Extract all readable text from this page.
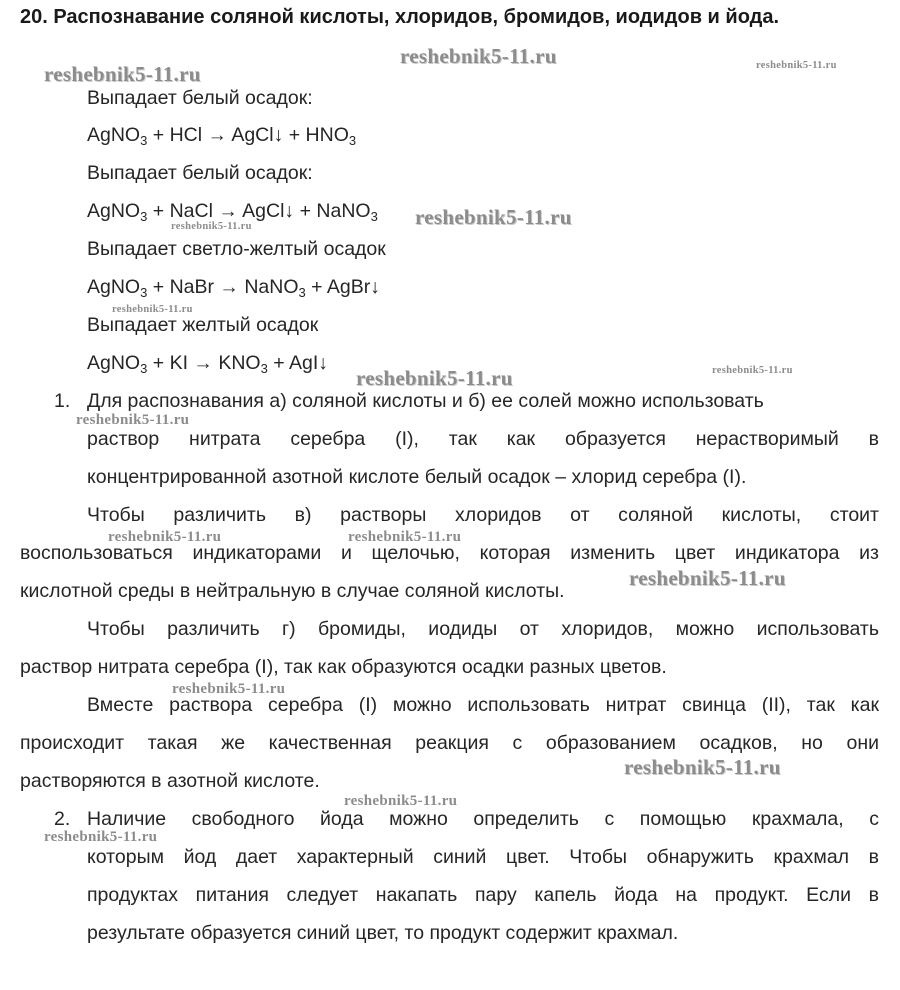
20. Распознавание соляной кислоты, хлоридов, бромидов, иодидов и йода.
Выпадает белый осадок:
AgNO$_3$ + HCl → AgCl↓ + $HNO_3$
Выпадает белый осадок:
AgNO$_3$ + NaCl → AgCl↓ + NaNO$_3$
Выпадает светло-желтый осадок
AgNO$_3$ + NaBr → NaNO$_3$ + AgBr↓
Выпадает желтый осадок
AgNO$_3$ + KI → $KNO_3$ + AgI↓
1. Для распознавания а) соляной кислоты и б) ее солей можно использовать
раствор нитрата серебра (I), так как образуется нерастворимый в
концентрированной азотной кислоте белый осадок – хлорид серебра (I).
Чтобы различить в) растворы хлоридов от соляной кислоты, стоит
воспользоваться индикаторами и щелочью, которая изменить цвет индикатора из
кислотной среды в нейтральную в случае соляной кислоты.
Чтобы различить г) бромиды, иодиды от хлоридов, можно использовать
раствор нитрата серебра (I), так как образуются осадки разных цветов.
Вместе раствора серебра (I) можно использовать нитрат свинца (II), так как
происходит такая же качественная реакция с образованием осадков, но они
растворяются в азотной кислоте.
2. Наличие свободного йода можно определить с помощью крахмала, с
которым йод дает характерный синий цвет. Чтобы обнаружить крахмал в
продуктах питания следует накапать пару капель йода на продукт. Если в
результате образуется синий цвет, то продукт содержит крахмал.
reshebnik5-11.ru
reshebnik5-11.ru	reshebnik5-11.ru
reshebnik5-11.ru
reshebnik5-11.ru
reshebnik5-11.ru
reshebnik5-11.ru	reshebnik5-11.ru
reshebnik5-11.ru
reshebnik5-11.ru	reshebnik5-11.ru
reshebnik5-11.ru
reshebnik5-11.ru
reshebnik5-11.ru
reshebnik5-11.ru
reshebnik5-11.ru
